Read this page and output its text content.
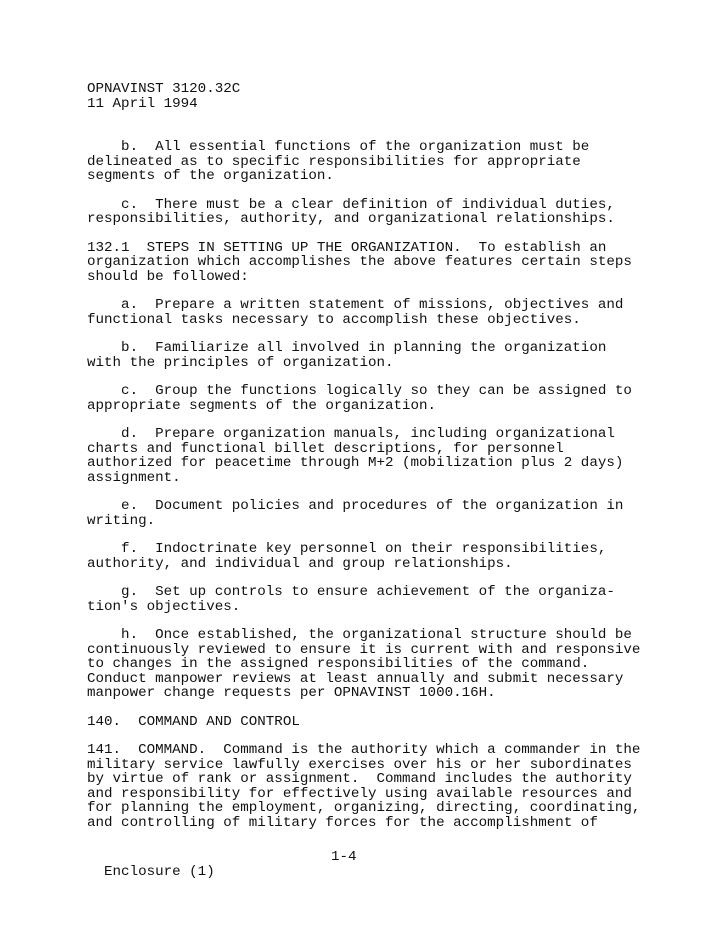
OPNAVINST 3120.32C
11 April 1994
b.  All essential functions of the organization must be
delineated as to specific responsibilities for appropriate
segments of the organization.
c.  There must be a clear definition of individual duties,
responsibilities, authority, and organizational relationships.
132.1  STEPS IN SETTING UP THE ORGANIZATION.  To establish an
organization which accomplishes the above features certain steps
should be followed:
a.  Prepare a written statement of missions, objectives and
functional tasks necessary to accomplish these objectives.
b.  Familiarize all involved in planning the organization
with the principles of organization.
c.  Group the functions logically so they can be assigned to
appropriate segments of the organization.
d.  Prepare organization manuals, including organizational
charts and functional billet descriptions, for personnel
authorized for peacetime through M+2 (mobilization plus 2 days)
assignment.
e.  Document policies and procedures of the organization in
writing.
f.  Indoctrinate key personnel on their responsibilities,
authority, and individual and group relationships.
g.  Set up controls to ensure achievement of the organiza-
tion's objectives.
h.  Once established, the organizational structure should be
continuously reviewed to ensure it is current with and responsive
to changes in the assigned responsibilities of the command.
Conduct manpower reviews at least annually and submit necessary
manpower change requests per OPNAVINST 1000.16H.
140.  COMMAND AND CONTROL
141.  COMMAND.  Command is the authority which a commander in the
military service lawfully exercises over his or her subordinates
by virtue of rank or assignment.  Command includes the authority
and responsibility for effectively using available resources and
for planning the employment, organizing, directing, coordinating,
and controlling of military forces for the accomplishment of

Enclosure (1)

1-4
